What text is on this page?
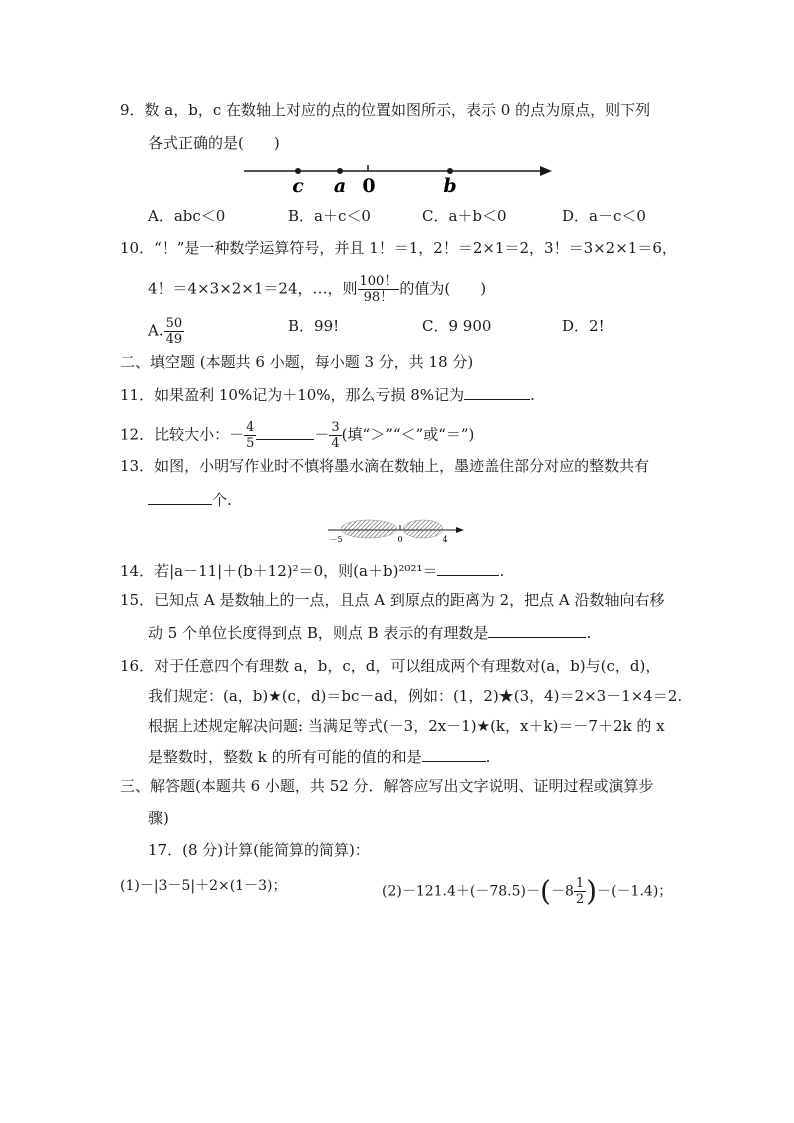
9．数 a，b，c 在数轴上对应的点的位置如图所示，表示 0 的点为原点，则下列
各式正确的是(　　)
c a 0	b
A．abc＜0	B．a＋c＜0	C．a＋b＜0	D．a－c＜0
10．“！”是一种数学运算符号，并且 1！＝1，2！＝2×1＝2，3！＝3×2×1＝6，
4！＝4×3×2×1＝24，…，则 $\frac{100!}{98!}$ 的值为(　　)
A. $\frac{50}{49}$	B．99!	C．9 900	D．2!
二、填空题 (本题共 6 小题，每小题 3 分，共 18 分)
11．如果盈利 10%记为＋10%，那么亏损 8%记为	.
12．比较大小：－ $\frac{4}{5}$	－ $\frac{3}{4}$ (填“＞”“＜”或“＝”)
13．如图，小明写作业时不慎将墨水滴在数轴上，墨迹盖住部分对应的整数共有
个.
－5	0	4
14．若|a－11|＋(b＋12)²＝0，则(a＋b)²⁰²¹＝	.
15．已知点 A 是数轴上的一点，且点 A 到原点的距离为 2，把点 A 沿数轴向右移
动 5 个单位长度得到点 B，则点 B 表示的有理数是	.
16．对于任意四个有理数 a，b，c，d，可以组成两个有理数对(a，b)与(c，d)，
我们规定：(a，b)★(c，d)＝bc－ad，例如：(1，2)★(3，4)＝2×3－1×4＝2.
根据上述规定解决问题: 当满足等式(－3，2x－1)★(k，x＋k)＝－7＋2k 的 x
是整数时，整数 k 的所有可能的值的和是	.
三、解答题(本题共 6 小题，共 52 分．解答应写出文字说明、证明过程或演算步
骤)
17．(8 分)计算(能简算的简算)：
(1)－|3－5|＋2×(1－3)；	$(2)-121.4+(-78.5)-(-8 \frac{1}{2} )-(-1.4)$；
